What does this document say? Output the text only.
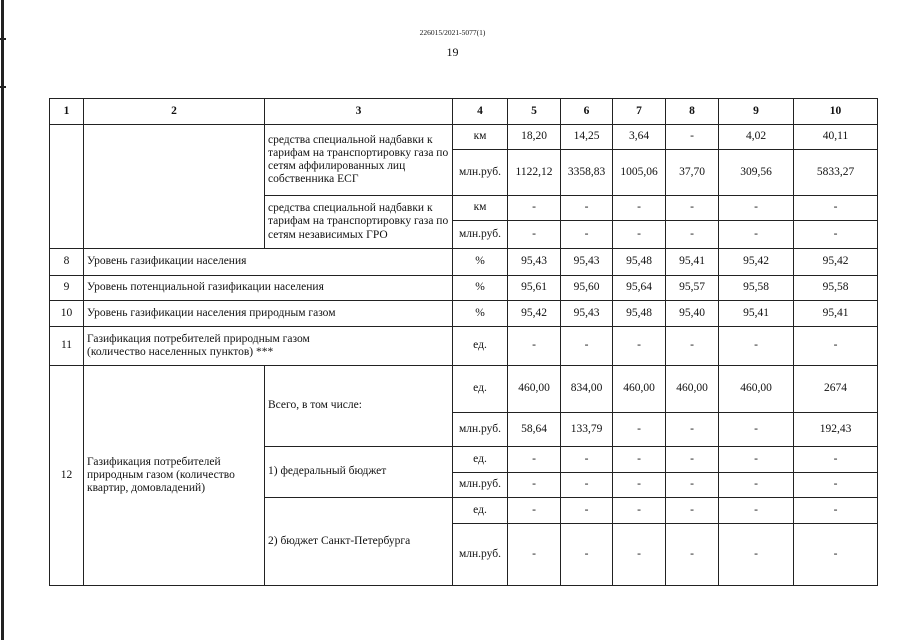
226015/2021-5077(1)
19
1	2	3	4	5	6	7	8	9	10
		средства специальной надбавки к тарифам на транспортировку газа по сетям аффилированных лиц собственника ЕСГ	км	18,20	14,25	3,64	-	4,02	40,11
			млн.руб.	1122,12	3358,83	1005,06	37,70	309,56	5833,27
		средства специальной надбавки к тарифам на транспортировку газа по сетям независимых ГРО	км	-	-	-	-	-	-
			млн.руб.	-	-	-	-	-	-
8	Уровень газификации населения		%	95,43	95,43	95,48	95,41	95,42	95,42
9	Уровень потенциальной газификации населения		%	95,61	95,60	95,64	95,57	95,58	95,58
10	Уровень газификации населения природным газом		%	95,42	95,43	95,48	95,40	95,41	95,41
11	Газификация потребителей природным газом (количество населенных пунктов) ***		ед.	-	-	-	-	-	-
12	Газификация потребителей природным газом (количество квартир, домовладений)	Всего, в том числе:	ед.	460,00	834,00	460,00	460,00	460,00	2674
			млн.руб.	58,64	133,79	-	-	-	192,43
		1) федеральный бюджет	ед.	-	-	-	-	-	-
			млн.руб.	-	-	-	-	-	-
		2) бюджет Санкт-Петербурга	ед.	-	-	-	-	-	-
			млн.руб.	-	-	-	-	-	-
